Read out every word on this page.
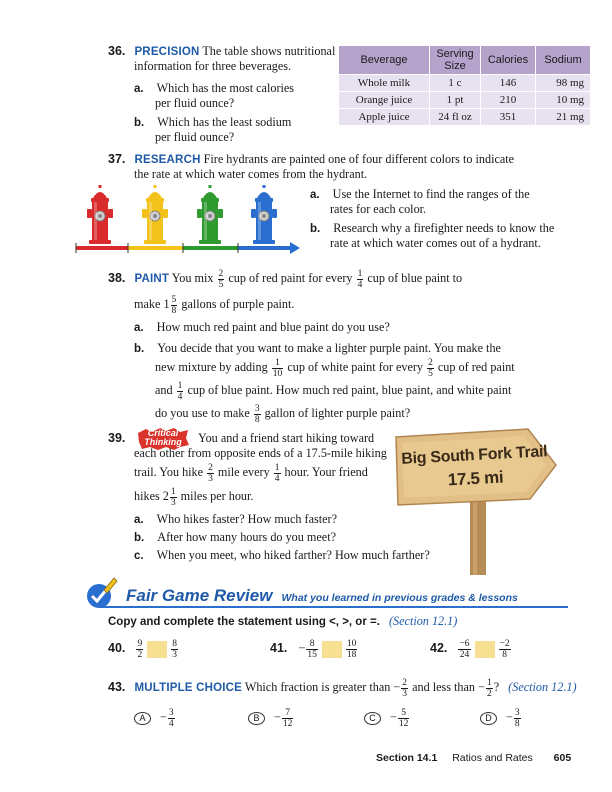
36. PRECISION The table shows nutritional
information for three beverages.
a. Which has the most calories
per fluid ounce?
b. Which has the least sodium
per fluid ounce?
Beverage	Serving Size	Calories	Sodium
Whole milk	1 c	146	98 mg
Orange juice	1 pt	210	10 mg
Apple juice	24 fl oz	351	21 mg
37. RESEARCH Fire hydrants are painted one of four different colors to indicate
the rate at which water comes from the hydrant.
a. Use the Internet to find the ranges of the
rates for each color.
b. Research why a firefighter needs to know the
rate at which water comes out of a hydrant.
38. PAINT You mix $\frac{2}{5}$ cup of red paint for every $\frac{1}{4}$ cup of blue paint to
make $1 \frac{5}{8}$ gallons of purple paint.
a. How much red paint and blue paint do you use?
b. You decide that you want to make a lighter purple paint. You make the
new mixture by adding $\frac{1}{10}$ cup of white paint for every $\frac{2}{5}$ cup of red paint
and $\frac{1}{4}$ cup of blue paint. How much red paint, blue paint, and white paint
do you use to make $\frac{3}{8}$ gallon of lighter purple paint?
39.	Critical
Thinking	You and a friend start hiking toward
each other from opposite ends of a 17.5-mile hiking
trail. You hike $\frac{2}{3}$ mile every $\frac{1}{4}$ hour. Your friend
hikes $2 \frac{1}{3}$ miles per hour.
a. Who hikes faster? How much faster?
b. After how many hours do you meet?
c. When you meet, who hiked farther? How much farther?
Big South Fork Trail
17.5 mi
Fair Game Review What you learned in previous grades & lessons
Copy and complete the statement using <, >, or =. (Section 12.1)
40. $\frac{9}{2}$	$\frac{8}{3}$	41. − $\frac{8}{15}$	$\frac{10}{18}$	42. $\frac{-6}{24}$	$\frac{-2}{8}$
43. MULTIPLE CHOICE Which fraction is greater than − $\frac{2}{3}$ and less than − $\frac{1}{2}$ ? (Section 12.1)
$A - \frac{3}{4}$	$B - \frac{7}{12}$	$C - \frac{5}{12}$	$D - \frac{3}{8}$
Section 14.1 Ratios and Rates 605
